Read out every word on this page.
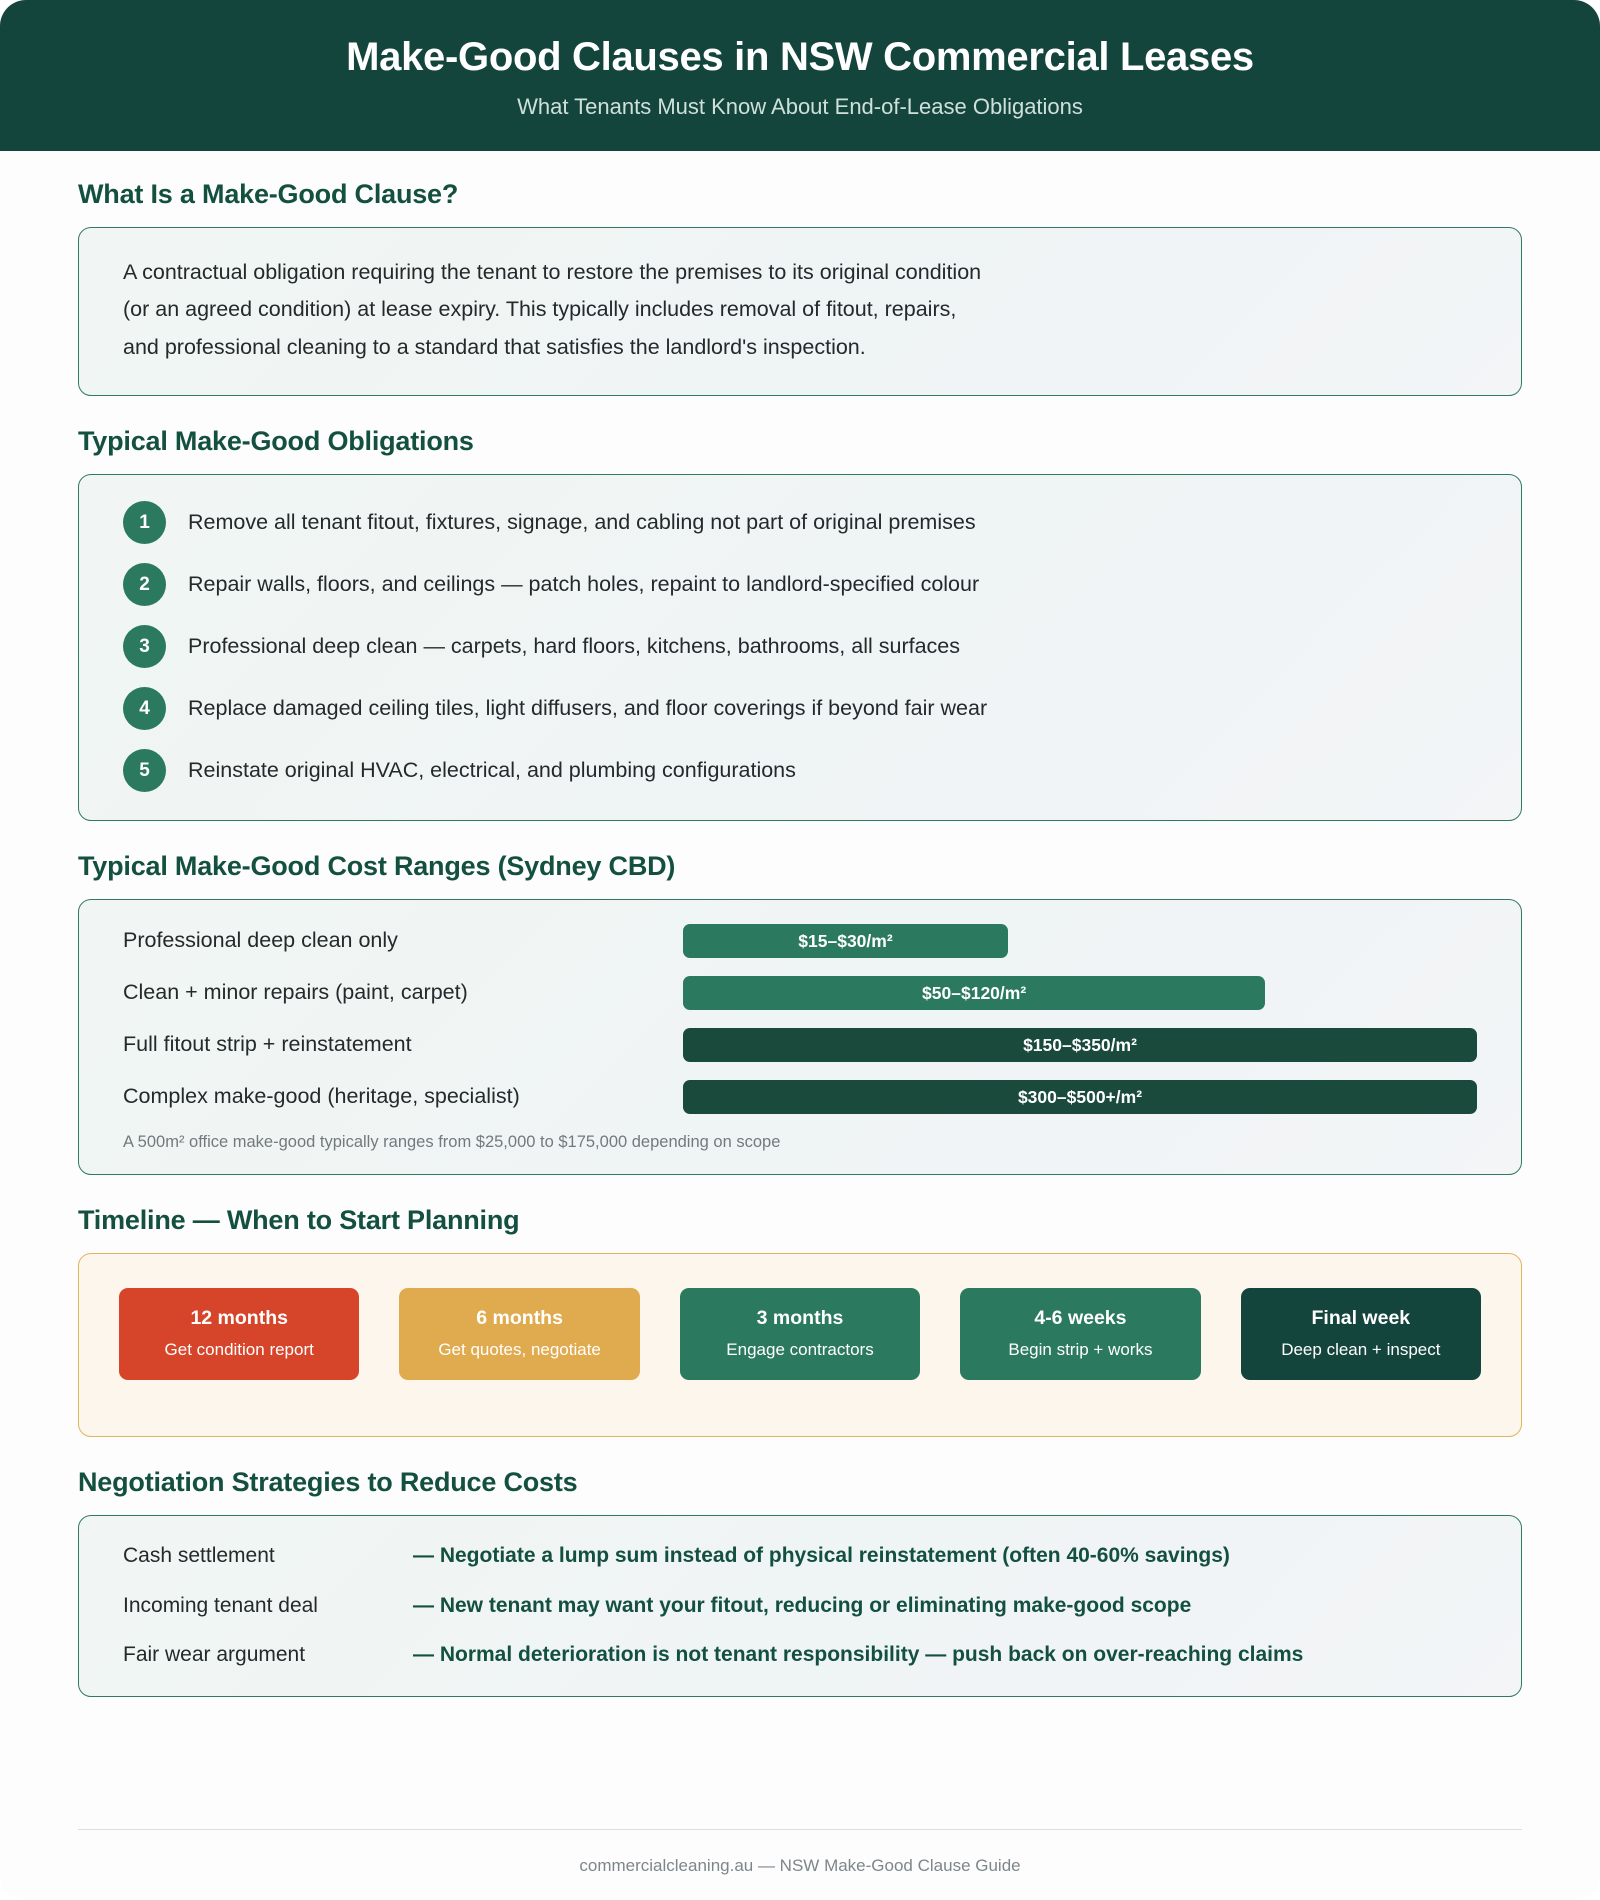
Make-Good Clauses in NSW Commercial Leases
What Tenants Must Know About End-of-Lease Obligations
What Is a Make-Good Clause?
A contractual obligation requiring the tenant to restore the premises to its original condition
(or an agreed condition) at lease expiry. This typically includes removal of fitout, repairs,
and professional cleaning to a standard that satisfies the landlord's inspection.
Typical Make-Good Obligations
1	Remove all tenant fitout, fixtures, signage, and cabling not part of original premises
2	Repair walls, floors, and ceilings — patch holes, repaint to landlord-specified colour
3	Professional deep clean — carpets, hard floors, kitchens, bathrooms, all surfaces
4	Replace damaged ceiling tiles, light diffusers, and floor coverings if beyond fair wear
5	Reinstate original HVAC, electrical, and plumbing configurations
Typical Make-Good Cost Ranges (Sydney CBD)
Professional deep clean only	$15–$30/m²
Clean + minor repairs (paint, carpet)	$50–$120/m²
Full fitout strip + reinstatement	$150–$350/m²
Complex make-good (heritage, specialist)	$300–$500+/m²
A 500m² office make-good typically ranges from $25,000 to $175,000 depending on scope
Timeline — When to Start Planning
12 months
Get condition report
6 months
Get quotes, negotiate
3 months
Engage contractors
4-6 weeks
Begin strip + works
Final week
Deep clean + inspect
Negotiation Strategies to Reduce Costs
Cash settlement	— Negotiate a lump sum instead of physical reinstatement (often 40-60% savings)
Incoming tenant deal	— New tenant may want your fitout, reducing or eliminating make-good scope
Fair wear argument	— Normal deterioration is not tenant responsibility — push back on over-reaching claims
commercialcleaning.au — NSW Make-Good Clause Guide
